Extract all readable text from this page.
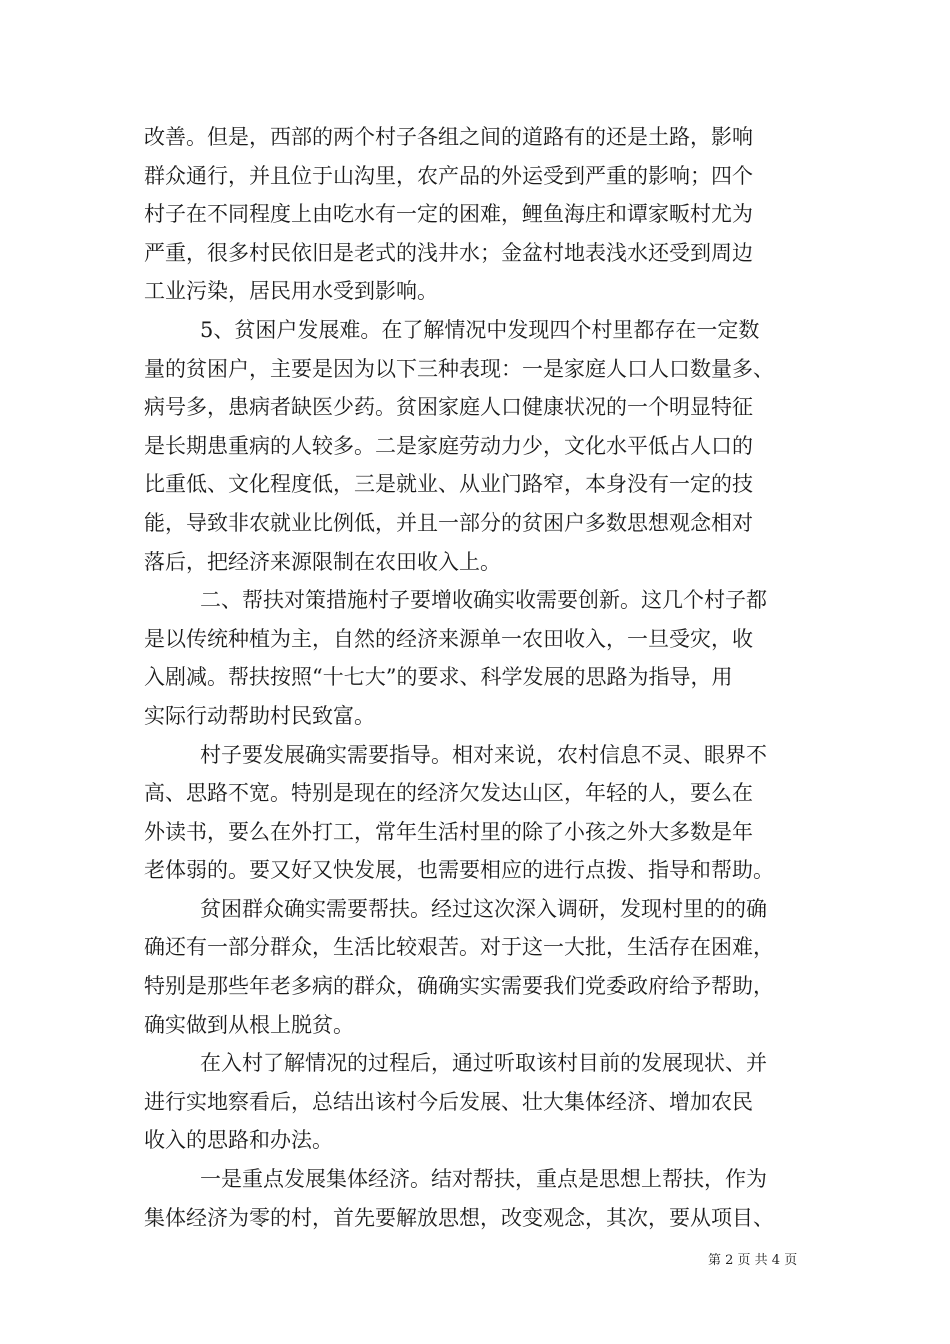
改善。但是，西部的两个村子各组之间的道路有的还是土路，影响
群众通行，并且位于山沟里，农产品的外运受到严重的影响；四个
村子在不同程度上由吃水有一定的困难，鲤鱼海庄和谭家畈村尤为
严重，很多村民依旧是老式的浅井水；金盆村地表浅水还受到周边
工业污染，居民用水受到影响。
5、贫困户发展难。在了解情况中发现四个村里都存在一定数
量的贫困户，主要是因为以下三种表现：一是家庭人口人口数量多、
病号多，患病者缺医少药。贫困家庭人口健康状况的一个明显特征
是长期患重病的人较多。二是家庭劳动力少，文化水平低占人口的
比重低、文化程度低，三是就业、从业门路窄，本身没有一定的技
能，导致非农就业比例低，并且一部分的贫困户多数思想观念相对
落后，把经济来源限制在农田收入上。
二、帮扶对策措施村子要增收确实收需要创新。这几个村子都
是以传统种植为主，自然的经济来源单一农田收入，一旦受灾，收
入剧减。帮扶按照“十七大”的要求、科学发展的思路为指导，用
实际行动帮助村民致富。
村子要发展确实需要指导。相对来说，农村信息不灵、眼界不
高、思路不宽。特别是现在的经济欠发达山区，年轻的人，要么在
外读书，要么在外打工，常年生活村里的除了小孩之外大多数是年
老体弱的。要又好又快发展，也需要相应的进行点拨、指导和帮助。
贫困群众确实需要帮扶。经过这次深入调研，发现村里的的确
确还有一部分群众，生活比较艰苦。对于这一大批，生活存在困难，
特别是那些年老多病的群众，确确实实需要我们党委政府给予帮助，
确实做到从根上脱贫。
在入村了解情况的过程后，通过听取该村目前的发展现状、并
进行实地察看后，总结出该村今后发展、壮大集体经济、增加农民
收入的思路和办法。
一是重点发展集体经济。结对帮扶，重点是思想上帮扶，作为
集体经济为零的村，首先要解放思想，改变观念，其次，要从项目、
第 2 页 共 4 页
